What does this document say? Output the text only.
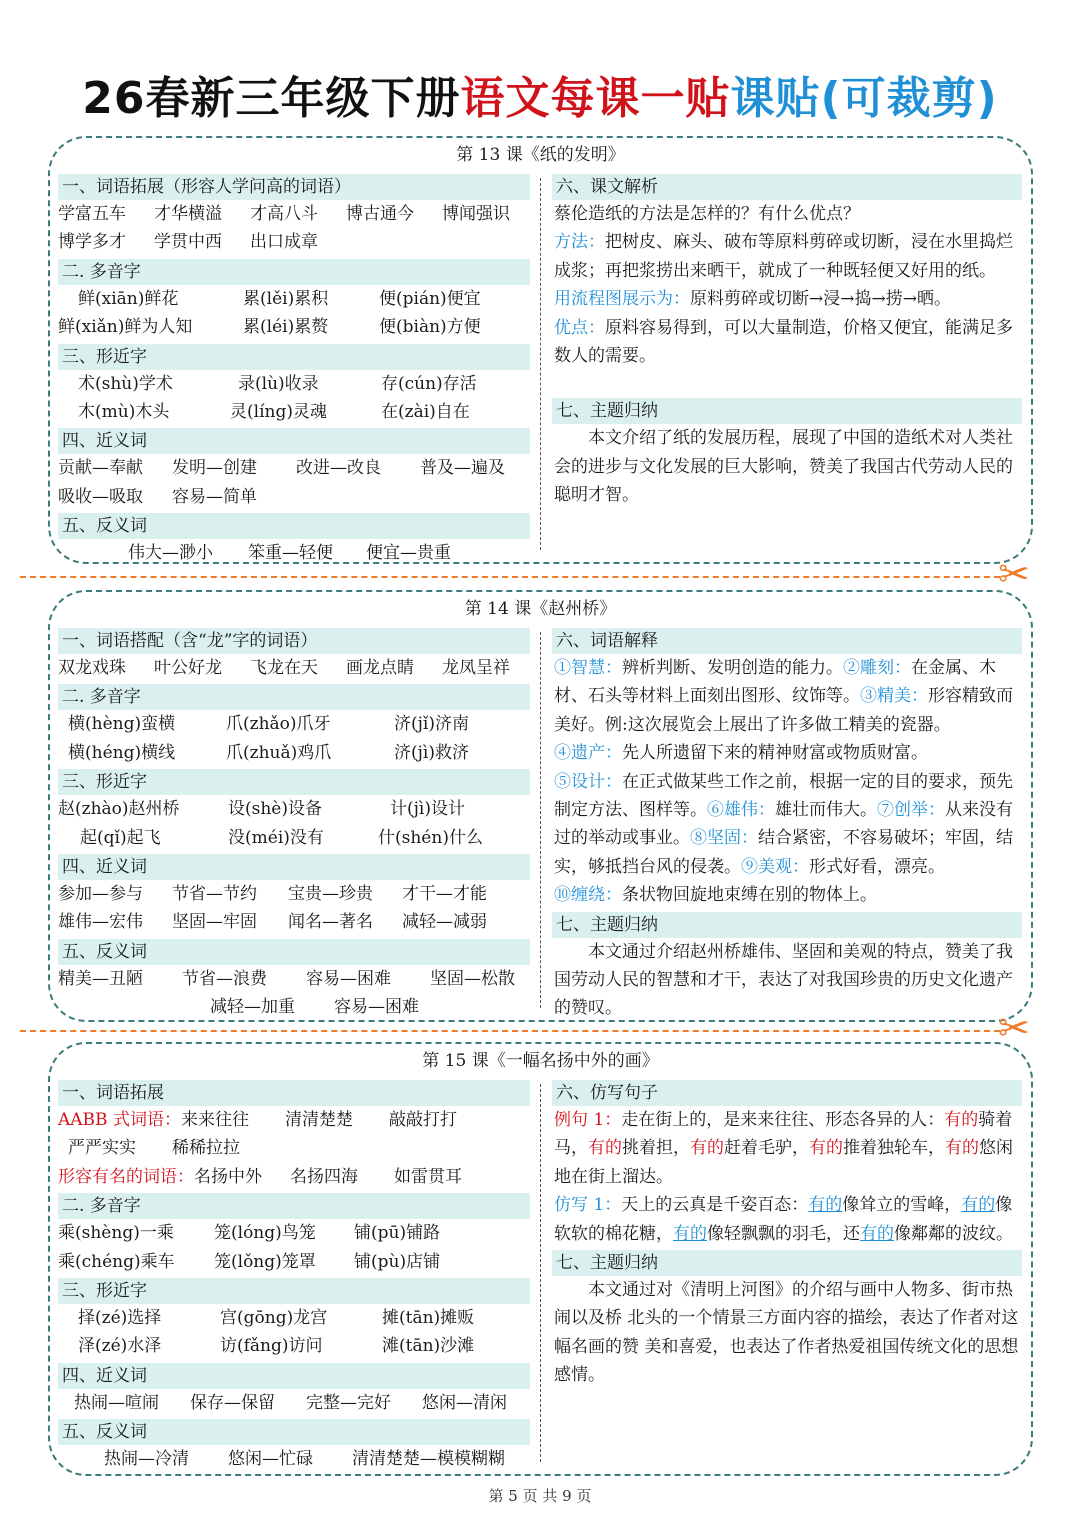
26春新三年级下册语文每课一贴课贴(可裁剪)
第 13 课《纸的发明》
一、词语拓展（形容人学问高的词语）
学富五车 才华横溢 才高八斗 博古通今 博闻强识
博学多才 学贯中西 出口成章
二. 多音字
鲜(xiān)鲜花	累(lěi)累积	便(pián)便宜
鲜(xiǎn)鲜为人知	累(léi)累赘	便(biàn)方便
三、形近字
术(shù)学术	录(lù)收录	存(cún)存活
木(mù)木头	灵(líng)灵魂	在(zài)自在
四、近义词
贡献—奉献 发明—创建 改进—改良 普及—遍及
吸收—吸取 容易—简单
五、反义词
伟大—渺小 笨重—轻便 便宜—贵重
六、课文解析
蔡伦造纸的方法是怎样的？有什么优点？
方法：把树皮、麻头、破布等原料剪碎或切断，浸在水里捣烂成浆；再把浆捞出来晒干，就成了一种既轻便又好用的纸。
用流程图展示为：原料剪碎或切断→浸→捣→捞→晒。
优点：原料容易得到，可以大量制造，价格又便宜，能满足多数人的需要。
七、主题归纳
本文介绍了纸的发展历程，展现了中国的造纸术对人类社会的进步与文化发展的巨大影响，赞美了我国古代劳动人民的聪明才智。
✂
第 14 课《赵州桥》
一、词语搭配（含“龙”字的词语）
双龙戏珠 叶公好龙 飞龙在天 画龙点睛 龙凤呈祥
二. 多音字
横(hèng)蛮横	爪(zhǎo)爪牙	济(jǐ)济南
横(héng)横线	爪(zhuǎ)鸡爪	济(jì)救济
三、形近字
赵(zhào)赵州桥	设(shè)设备	计(jì)设计
起(qǐ)起飞	没(méi)没有	什(shén)什么
四、近义词
参加—参与 节省—节约 宝贵—珍贵 才干—才能
雄伟—宏伟 坚固—牢固 闻名—著名 减轻—减弱
五、反义词
精美—丑陋 节省—浪费 容易—困难 坚固—松散
减轻—加重 容易—困难
六、词语解释
①智慧：辨析判断、发明创造的能力。②雕刻：在金属、木材、石头等材料上面刻出图形、纹饰等。③精美：形容精致而美好。例:这次展览会上展出了许多做工精美的瓷器。
④遗产：先人所遗留下来的精神财富或物质财富。
⑤设计：在正式做某些工作之前，根据一定的目的要求，预先制定方法、图样等。⑥雄伟：雄壮而伟大。⑦创举：从来没有过的举动或事业。⑧坚固：结合紧密，不容易破坏；牢固，结实，够抵挡台风的侵袭。⑨美观：形式好看，漂亮。
⑩缠绕：条状物回旋地束缚在别的物体上。
七、主题归纳
本文通过介绍赵州桥雄伟、坚固和美观的特点，赞美了我国劳动人民的智慧和才干，表达了对我国珍贵的历史文化遗产的赞叹。	✂
第 15 课《一幅名扬中外的画》
一、词语拓展
AABB 式词语：来来往往 清清楚楚 敲敲打打
严严实实 稀稀拉拉
形容有名的词语：名扬中外 名扬四海 如雷贯耳
二. 多音字
乘(shèng)一乘 笼(lóng)鸟笼 铺(pū)铺路
乘(chéng)乘车 笼(lǒng)笼罩 铺(pù)店铺
三、形近字
择(zé)选择	宫(gōng)龙宫	摊(tān)摊贩
泽(zé)水泽	访(fǎng)访问	滩(tān)沙滩
四、近义词
热闹—喧闹 保存—保留 完整—完好 悠闲—清闲
五、反义词
热闹—冷清 悠闲—忙碌 清清楚楚—模模糊糊
六、仿写句子
例句 1：走在街上的，是来来往往、形态各异的人：有的骑着马，有的挑着担，有的赶着毛驴，有的推着独轮车，有的悠闲地在街上溜达。
仿写 1：天上的云真是千姿百态：有的像耸立的雪峰，有的像软软的棉花糖，有的像轻飘飘的羽毛，还有的像鄰鄰的波纹。
七、主题归纳
本文通过对《清明上河图》的介绍与画中人物多、街市热闹以及桥 北头的一个情景三方面内容的描绘，表达了作者对这幅名画的赞 美和喜爱，也表达了作者热爱祖国传统文化的思想感情。
第 5 页 共 9 页
